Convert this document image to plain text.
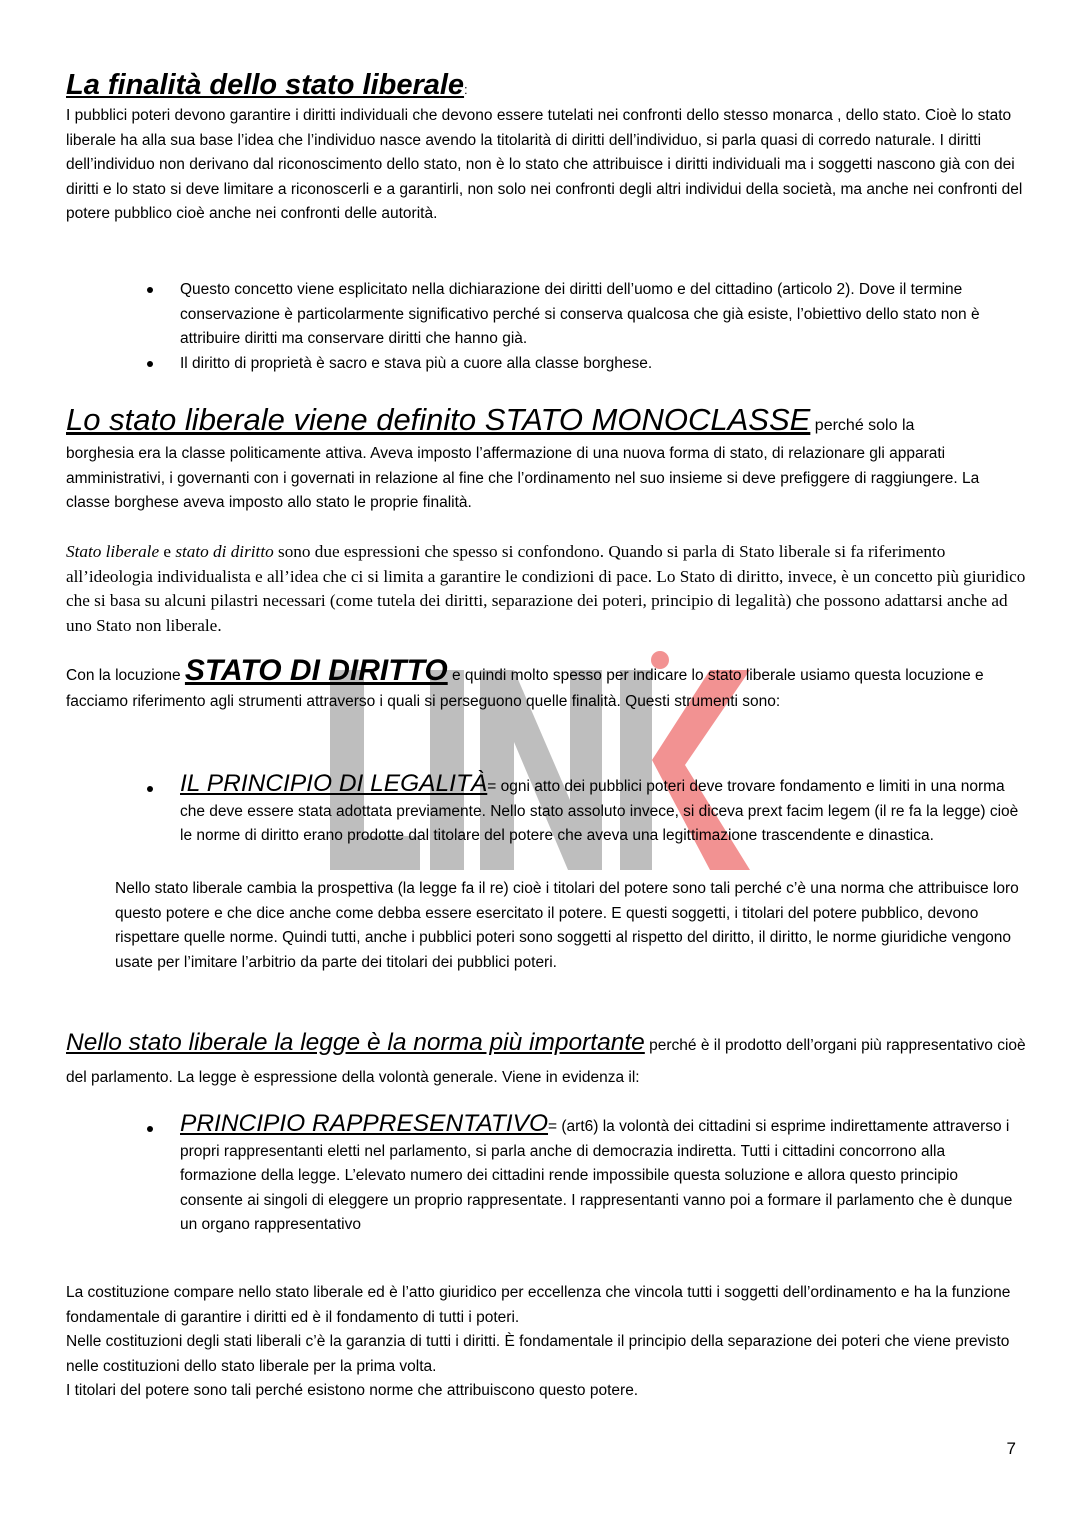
La finalità dello stato liberale:

I pubblici poteri devono garantire i diritti individuali che devono essere tutelati nei confronti dello stesso monarca , dello stato. Cioè lo stato liberale ha alla sua base l’idea che l’individuo nasce avendo la titolarità di diritti dell’individuo, si parla quasi di corredo naturale. I diritti dell’individuo non derivano dal riconoscimento dello stato, non è lo stato che attribuisce i diritti individuali ma i soggetti nascono già con dei diritti e lo stato si deve limitare a riconoscerli e a garantirli, non solo nei confronti degli altri individui della società, ma anche nei confronti del potere pubblico cioè anche nei confronti delle autorità.

Questo concetto viene esplicitato nella dichiarazione dei diritti dell’uomo e del cittadino (articolo 2). Dove il termine conservazione è particolarmente significativo perché si conserva qualcosa che già esiste, l’obiettivo dello stato non è attribuire diritti ma conservare diritti che hanno già.
Il diritto di proprietà è sacro e stava più a cuore alla classe borghese.
Lo stato liberale viene definito STATO MONOCLASSE perché solo la

borghesia era la classe politicamente attiva. Aveva imposto l’affermazione di una nuova forma di stato, di relazionare gli apparati amministrativi, i governanti con i governati in relazione al fine che l’ordinamento nel suo insieme si deve prefiggere di raggiungere. La classe borghese aveva imposto allo stato le proprie finalità.

Stato liberale e stato di diritto sono due espressioni che spesso si confondono. Quando si parla di Stato liberale si fa riferimento all’ideologia individualista e all’idea che ci si limita a garantire le condizioni di pace. Lo Stato di diritto, invece, è un concetto più giuridico che si basa su alcuni pilastri necessari (come tutela dei diritti, separazione dei poteri, principio di legalità) che possono adattarsi anche ad uno Stato non liberale.

Con la locuzione STATO DI DIRITTO e quindi molto spesso per indicare lo stato liberale usiamo questa locuzione e facciamo riferimento agli strumenti attraverso i quali si perseguono quelle finalità. Questi strumenti sono:
IL PRINCIPIO DI LEGALITÀ= ogni atto dei pubblici poteri deve trovare fondamento e limiti in una norma che deve essere stata adottata previamente. Nello stato assoluto invece, si diceva prext facim legem (il re fa la legge) cioè le norme di diritto erano prodotte dal titolare del potere che aveva una legittimazione trascendente e dinastica.

Nello stato liberale cambia la prospettiva (la legge fa il re) cioè i titolari del potere sono tali perché c’è una norma che attribuisce loro questo potere e che dice anche come debba essere esercitato il potere. E questi soggetti, i titolari del potere pubblico, devono rispettare quelle norme. Quindi tutti, anche i pubblici poteri sono soggetti al rispetto del diritto, il diritto, le norme giuridiche vengono usate per l’imitare l’arbitrio da parte dei titolari dei pubblici poteri.

Nello stato liberale la legge è la norma più importante perché è il prodotto dell’organi più rappresentativo cioè del parlamento. La legge è espressione della volontà generale. Viene in evidenza il:
PRINCIPIO RAPPRESENTATIVO= (art6) la volontà dei cittadini si esprime indirettamente attraverso i propri rappresentanti eletti nel parlamento, si parla anche di democrazia indiretta. Tutti i cittadini concorrono alla formazione della legge. L’elevato numero dei cittadini rende impossibile questa soluzione e allora questo principio consente ai singoli di eleggere un proprio rappresentate. I rappresentanti vanno poi a formare il parlamento che è dunque un organo rappresentativo
La costituzione compare nello stato liberale ed è l’atto giuridico per eccellenza che vincola tutti i soggetti dell’ordinamento e ha la funzione fondamentale di garantire i diritti ed è il fondamento di tutti i poteri.
Nelle costituzioni degli stati liberali c’è la garanzia di tutti i diritti. È fondamentale il principio della separazione dei poteri che viene previsto nelle costituzioni dello stato liberale per la prima volta.
I titolari del potere sono tali perché esistono norme che attribuiscono questo potere.
7
